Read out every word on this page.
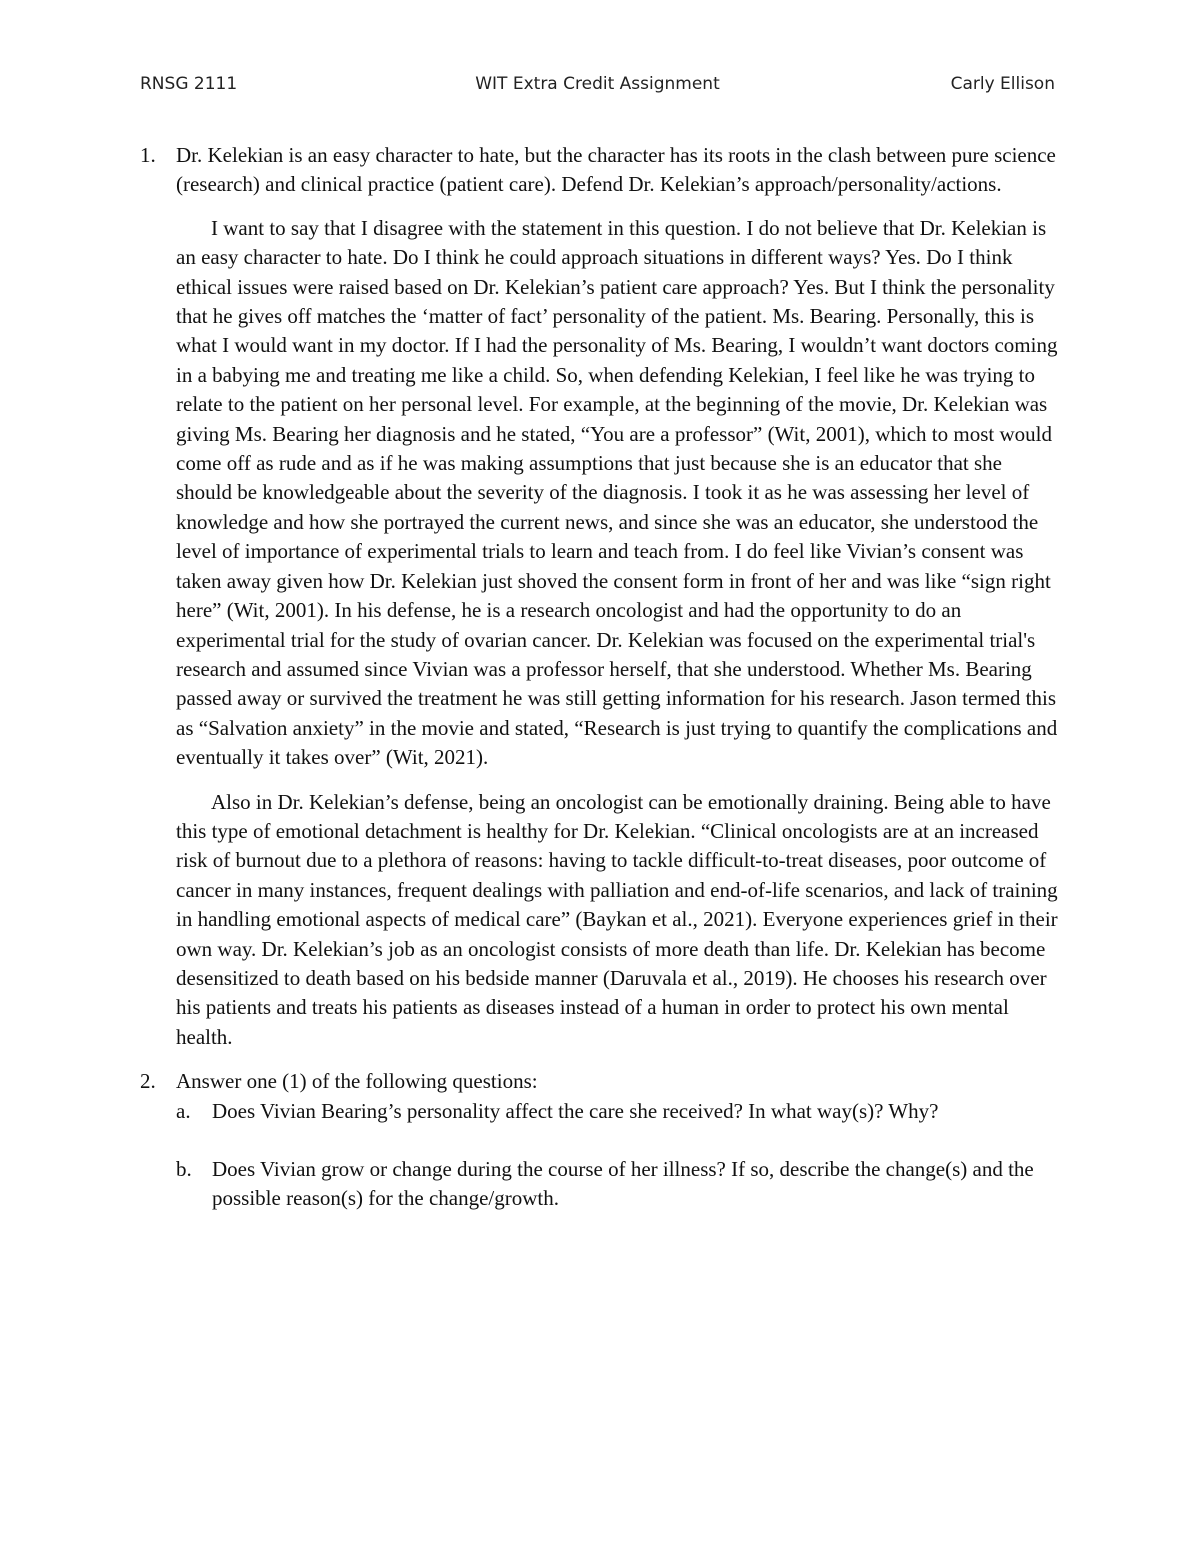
RNSG 2111	WIT Extra Credit Assignment	Carly Ellison
1. Dr. Kelekian is an easy character to hate, but the character has its roots in the clash between pure science (research) and clinical practice (patient care). Defend Dr. Kelekian’s approach/personality/actions.

I want to say that I disagree with the statement in this question. I do not believe that Dr. Kelekian is an easy character to hate. Do I think he could approach situations in different ways? Yes. Do I think ethical issues were raised based on Dr. Kelekian’s patient care approach? Yes. But I think the personality that he gives off matches the ‘matter of fact’ personality of the patient. Ms. Bearing. Personally, this is what I would want in my doctor. If I had the personality of Ms. Bearing, I wouldn’t want doctors coming in a babying me and treating me like a child. So, when defending Kelekian, I feel like he was trying to relate to the patient on her personal level. For example, at the beginning of the movie, Dr. Kelekian was giving Ms. Bearing her diagnosis and he stated, “You are a professor” (Wit, 2001), which to most would come off as rude and as if he was making assumptions that just because she is an educator that she should be knowledgeable about the severity of the diagnosis. I took it as he was assessing her level of knowledge and how she portrayed the current news, and since she was an educator, she understood the level of importance of experimental trials to learn and teach from. I do feel like Vivian’s consent was taken away given how Dr. Kelekian just shoved the consent form in front of her and was like “sign right here” (Wit, 2001). In his defense, he is a research oncologist and had the opportunity to do an experimental trial for the study of ovarian cancer. Dr. Kelekian was focused on the experimental trial's research and assumed since Vivian was a professor herself, that she understood. Whether Ms. Bearing passed away or survived the treatment he was still getting information for his research. Jason termed this as “Salvation anxiety” in the movie and stated, “Research is just trying to quantify the complications and eventually it takes over” (Wit, 2021).

Also in Dr. Kelekian’s defense, being an oncologist can be emotionally draining. Being able to have this type of emotional detachment is healthy for Dr. Kelekian. “Clinical oncologists are at an increased risk of burnout due to a plethora of reasons: having to tackle difficult-to-treat diseases, poor outcome of cancer in many instances, frequent dealings with palliation and end-of-life scenarios, and lack of training in handling emotional aspects of medical care” (Baykan et al., 2021). Everyone experiences grief in their own way. Dr. Kelekian’s job as an oncologist consists of more death than life. Dr. Kelekian has become desensitized to death based on his bedside manner (Daruvala et al., 2019). He chooses his research over his patients and treats his patients as diseases instead of a human in order to protect his own mental health.

2. Answer one (1) of the following questions:

a. Does Vivian Bearing’s personality affect the care she received? In what way(s)? Why?

b. Does Vivian grow or change during the course of her illness? If so, describe the change(s) and the possible reason(s) for the change/growth.
